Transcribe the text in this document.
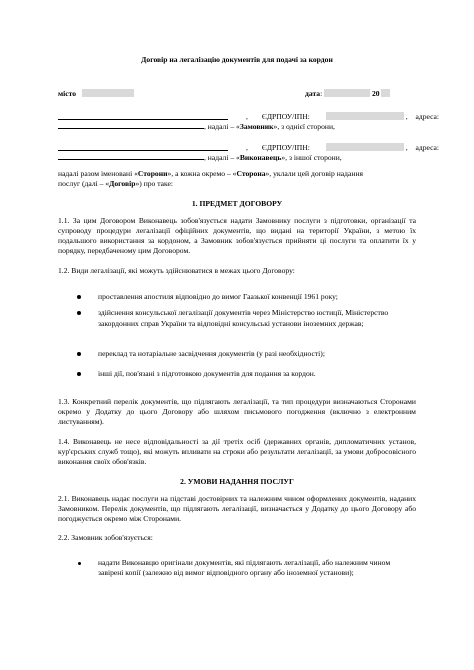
Договір на легалізацію документів для подачі за кордон
місто	дата:	20
, ЄДРПОУ/ІПН:	, адреса:
, надалі – «Замовник», з однієї сторони,
, ЄДРПОУ/ІПН:	, адреса:
, надалі – «Виконавець», з іншої сторони,
надалі разом іменовані «Сторони», а кожна окремо – «Сторона», уклали цей договір надання
послуг (далі – «Договір») про таке:
1. ПРЕДМЕТ ДОГОВОРУ

1.1. За цим Договором Виконавець зобов'язується надати Замовнику послуги з підготовки, організації та супроводу процедури легалізації офіційних документів, що видані на території України, з метою їх подальшого використання за кордоном, а Замовник зобов'язується прийняти ці послуги та оплатити їх у порядку, передбаченому цим Договором.

1.2. Види легалізації, які можуть здійснюватися в межах цього Договору:

проставлення апостиля відповідно до вимог Гаазької конвенції 1961 року;

здійснення консульської легалізації документів через Міністерство юстиції, Міністерство закордонних справ України та відповідні консульські установи іноземних держав;

переклад та нотаріальне засвідчення документів (у разі необхідності);

інші дії, пов'язані з підготовкою документів для подання за кордон.

1.3. Конкретний перелік документів, що підлягають легалізації, та тип процедури визначаються Сторонами окремо у Додатку до цього Договору або шляхом письмового погодження (включно з електронним листуванням).

1.4. Виконавець не несе відповідальності за дії третіх осіб (державних органів, дипломатичних установ, кур'єрських служб тощо), які можуть впливати на строки або результати легалізації, за умови добросовісного виконання своїх обов'язків.

2. УМОВИ НАДАННЯ ПОСЛУГ

2.1. Виконавець надає послуги на підставі достовірних та належним чином оформлених документів, наданих Замовником. Перелік документів, що підлягають легалізації, визначається у Додатку до цього Договору або погоджується окремо між Сторонами.

2.2. Замовник зобов'язується:

надати Виконавцю оригінали документів, які підлягають легалізації, або належним чином завірені копії (залежно від вимог відповідного органу або іноземної установи);
